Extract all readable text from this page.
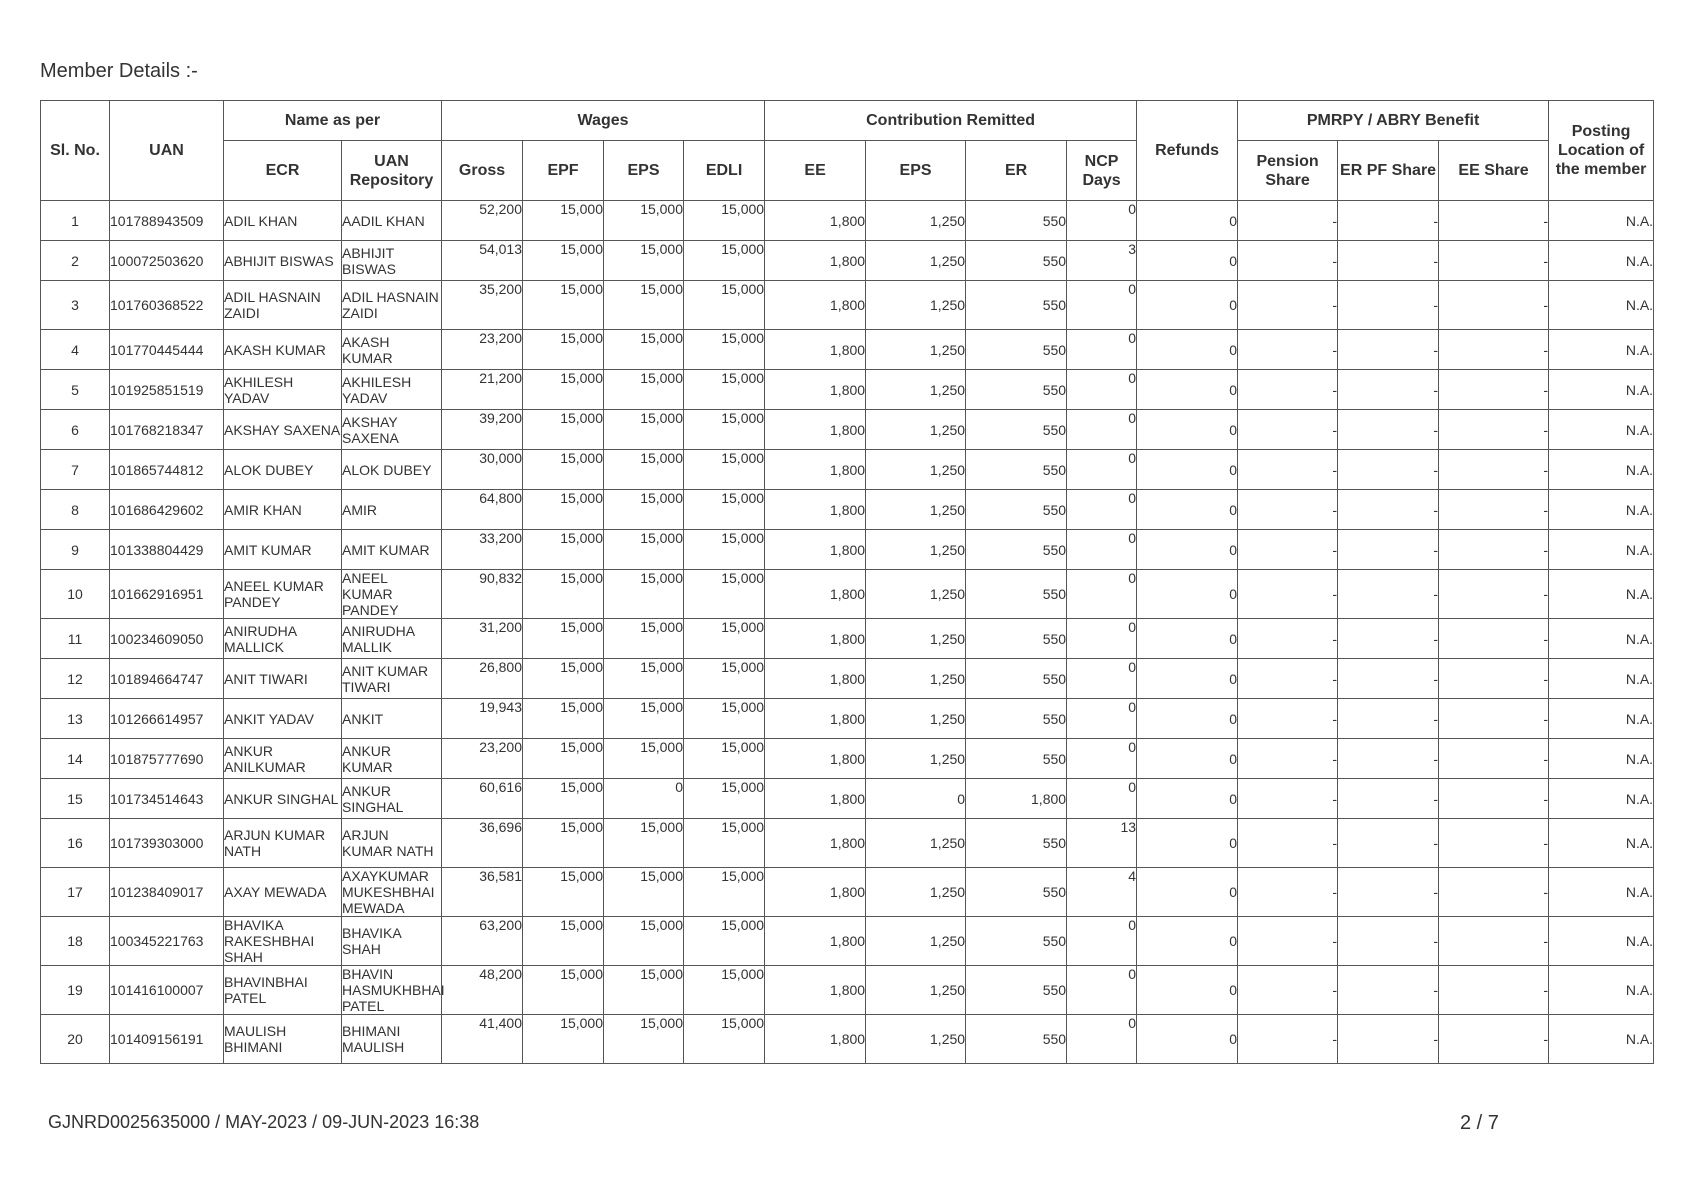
Member Details :-
Sl. No.	UAN	Name as per		Wages				Contribution Remitted				Refunds	PMRPY / ABRY Benefit			Posting Location of the member
		ECR	UAN Repository	Gross	EPF	EPS	EDLI	EE	EPS	ER	NCP Days		Pension Share	ER PF Share	EE Share	
1	101788943509	ADIL KHAN	AADIL KHAN	52,200	15,000	15,000	15,000	1,800	1,250	550	0	0	-	-	-	N.A.
2	100072503620	ABHIJIT BISWAS	ABHIJIT BISWAS	54,013	15,000	15,000	15,000	1,800	1,250	550	3	0	-	-	-	N.A.
3	101760368522	ADIL HASNAIN ZAIDI	ADIL HASNAIN ZAIDI	35,200	15,000	15,000	15,000	1,800	1,250	550	0	0	-	-	-	N.A.
4	101770445444	AKASH KUMAR	AKASH KUMAR	23,200	15,000	15,000	15,000	1,800	1,250	550	0	0	-	-	-	N.A.
5	101925851519	AKHILESH YADAV	AKHILESH YADAV	21,200	15,000	15,000	15,000	1,800	1,250	550	0	0	-	-	-	N.A.
6	101768218347	AKSHAY SAXENA	AKSHAY SAXENA	39,200	15,000	15,000	15,000	1,800	1,250	550	0	0	-	-	-	N.A.
7	101865744812	ALOK DUBEY	ALOK DUBEY	30,000	15,000	15,000	15,000	1,800	1,250	550	0	0	-	-	-	N.A.
8	101686429602	AMIR KHAN	AMIR	64,800	15,000	15,000	15,000	1,800	1,250	550	0	0	-	-	-	N.A.
9	101338804429	AMIT KUMAR	AMIT KUMAR	33,200	15,000	15,000	15,000	1,800	1,250	550	0	0	-	-	-	N.A.
10	101662916951	ANEEL KUMAR PANDEY	ANEEL KUMAR PANDEY	90,832	15,000	15,000	15,000	1,800	1,250	550	0	0	-	-	-	N.A.
11	100234609050	ANIRUDHA MALLICK	ANIRUDHA MALLIK	31,200	15,000	15,000	15,000	1,800	1,250	550	0	0	-	-	-	N.A.
12	101894664747	ANIT TIWARI	ANIT KUMAR TIWARI	26,800	15,000	15,000	15,000	1,800	1,250	550	0	0	-	-	-	N.A.
13	101266614957	ANKIT YADAV	ANKIT	19,943	15,000	15,000	15,000	1,800	1,250	550	0	0	-	-	-	N.A.
14	101875777690	ANKUR ANILKUMAR	ANKUR KUMAR	23,200	15,000	15,000	15,000	1,800	1,250	550	0	0	-	-	-	N.A.
15	101734514643	ANKUR SINGHAL	ANKUR SINGHAL	60,616	15,000	0	15,000	1,800	0	1,800	0	0	-	-	-	N.A.
16	101739303000	ARJUN KUMAR NATH	ARJUN KUMAR NATH	36,696	15,000	15,000	15,000	1,800	1,250	550	13	0	-	-	-	N.A.
17	101238409017	AXAY MEWADA	AXAYKUMAR MUKESHBHAI MEWADA	36,581	15,000	15,000	15,000	1,800	1,250	550	4	0	-	-	-	N.A.
18	100345221763	BHAVIKA RAKESHBHAI SHAH	BHAVIKA SHAH	63,200	15,000	15,000	15,000	1,800	1,250	550	0	0	-	-	-	N.A.
19	101416100007	BHAVINBHAI PATEL	BHAVIN HASMUKHBHAI PATEL	48,200	15,000	15,000	15,000	1,800	1,250	550	0	0	-	-	-	N.A.
20	101409156191	MAULISH BHIMANI	BHIMANI MAULISH	41,400	15,000	15,000	15,000	1,800	1,250	550	0	0	-	-	-	N.A.
GJNRD0025635000 / MAY-2023 / 09-JUN-2023 16:38	2 / 7
